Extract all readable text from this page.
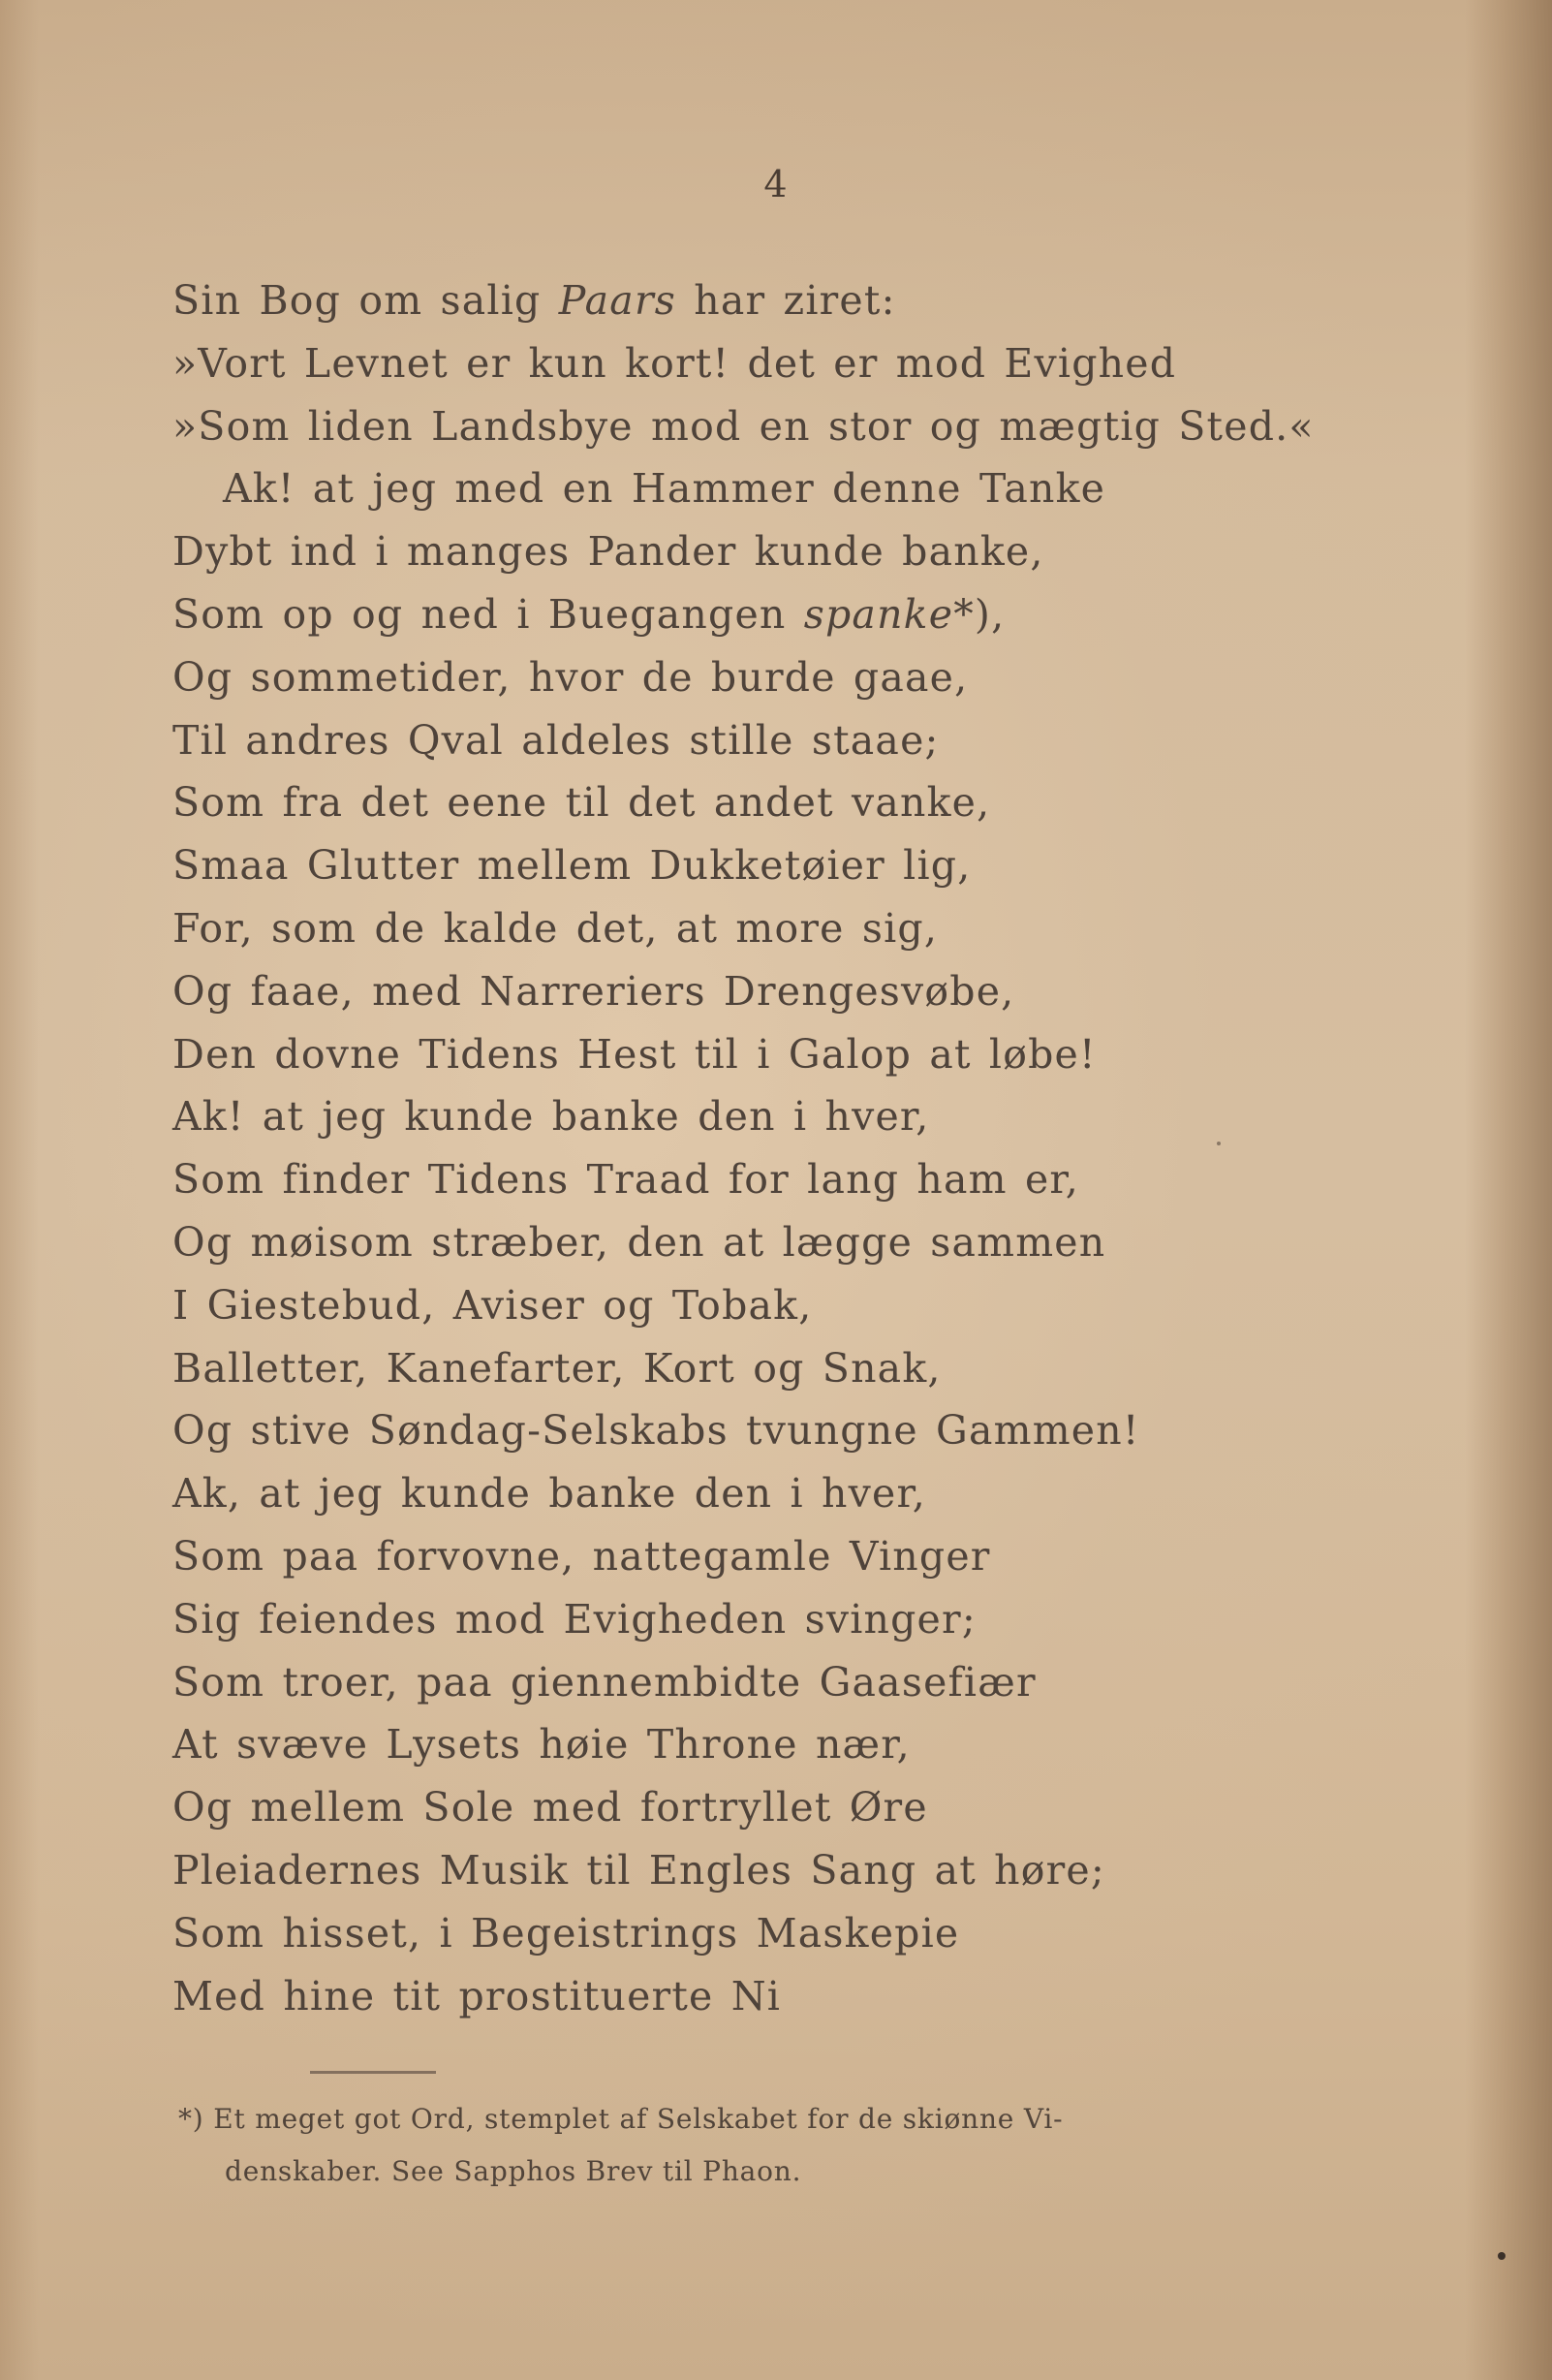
4
Sin Bog om salig Paars har ziret:
»Vort Levnet er kun kort! det er mod Evighed
»Som liden Landsbye mod en stor og mægtig Sted.«
Ak! at jeg med en Hammer denne Tanke
Dybt ind i manges Pander kunde banke,
Som op og ned i Buegangen spanke*),
Og sommetider, hvor de burde gaae,
Til andres Qval aldeles stille staae;
Som fra det eene til det andet vanke,
Smaa Glutter mellem Dukketøier lig,
For, som de kalde det, at more sig,
Og faae, med Narreriers Drengesvøbe,
Den dovne Tidens Hest til i Galop at løbe!
Ak! at jeg kunde banke den i hver,
Som finder Tidens Traad for lang ham er,
Og møisom stræber, den at lægge sammen
I Giestebud, Aviser og Tobak,
Balletter, Kanefarter, Kort og Snak,
Og stive Søndag-Selskabs tvungne Gammen!
Ak, at jeg kunde banke den i hver,
Som paa forvovne, nattegamle Vinger
Sig feiendes mod Evigheden svinger;
Som troer, paa giennembidte Gaasefiær
At svæve Lysets høie Throne nær,
Og mellem Sole med fortryllet Øre
Pleiadernes Musik til Engles Sang at høre;
Som hisset, i Begeistrings Maskepie
Med hine tit prostituerte Ni
*) Et meget got Ord, stemplet af Selskabet for de skiønne Vi-
denskaber. See Sapphos Brev til Phaon.
